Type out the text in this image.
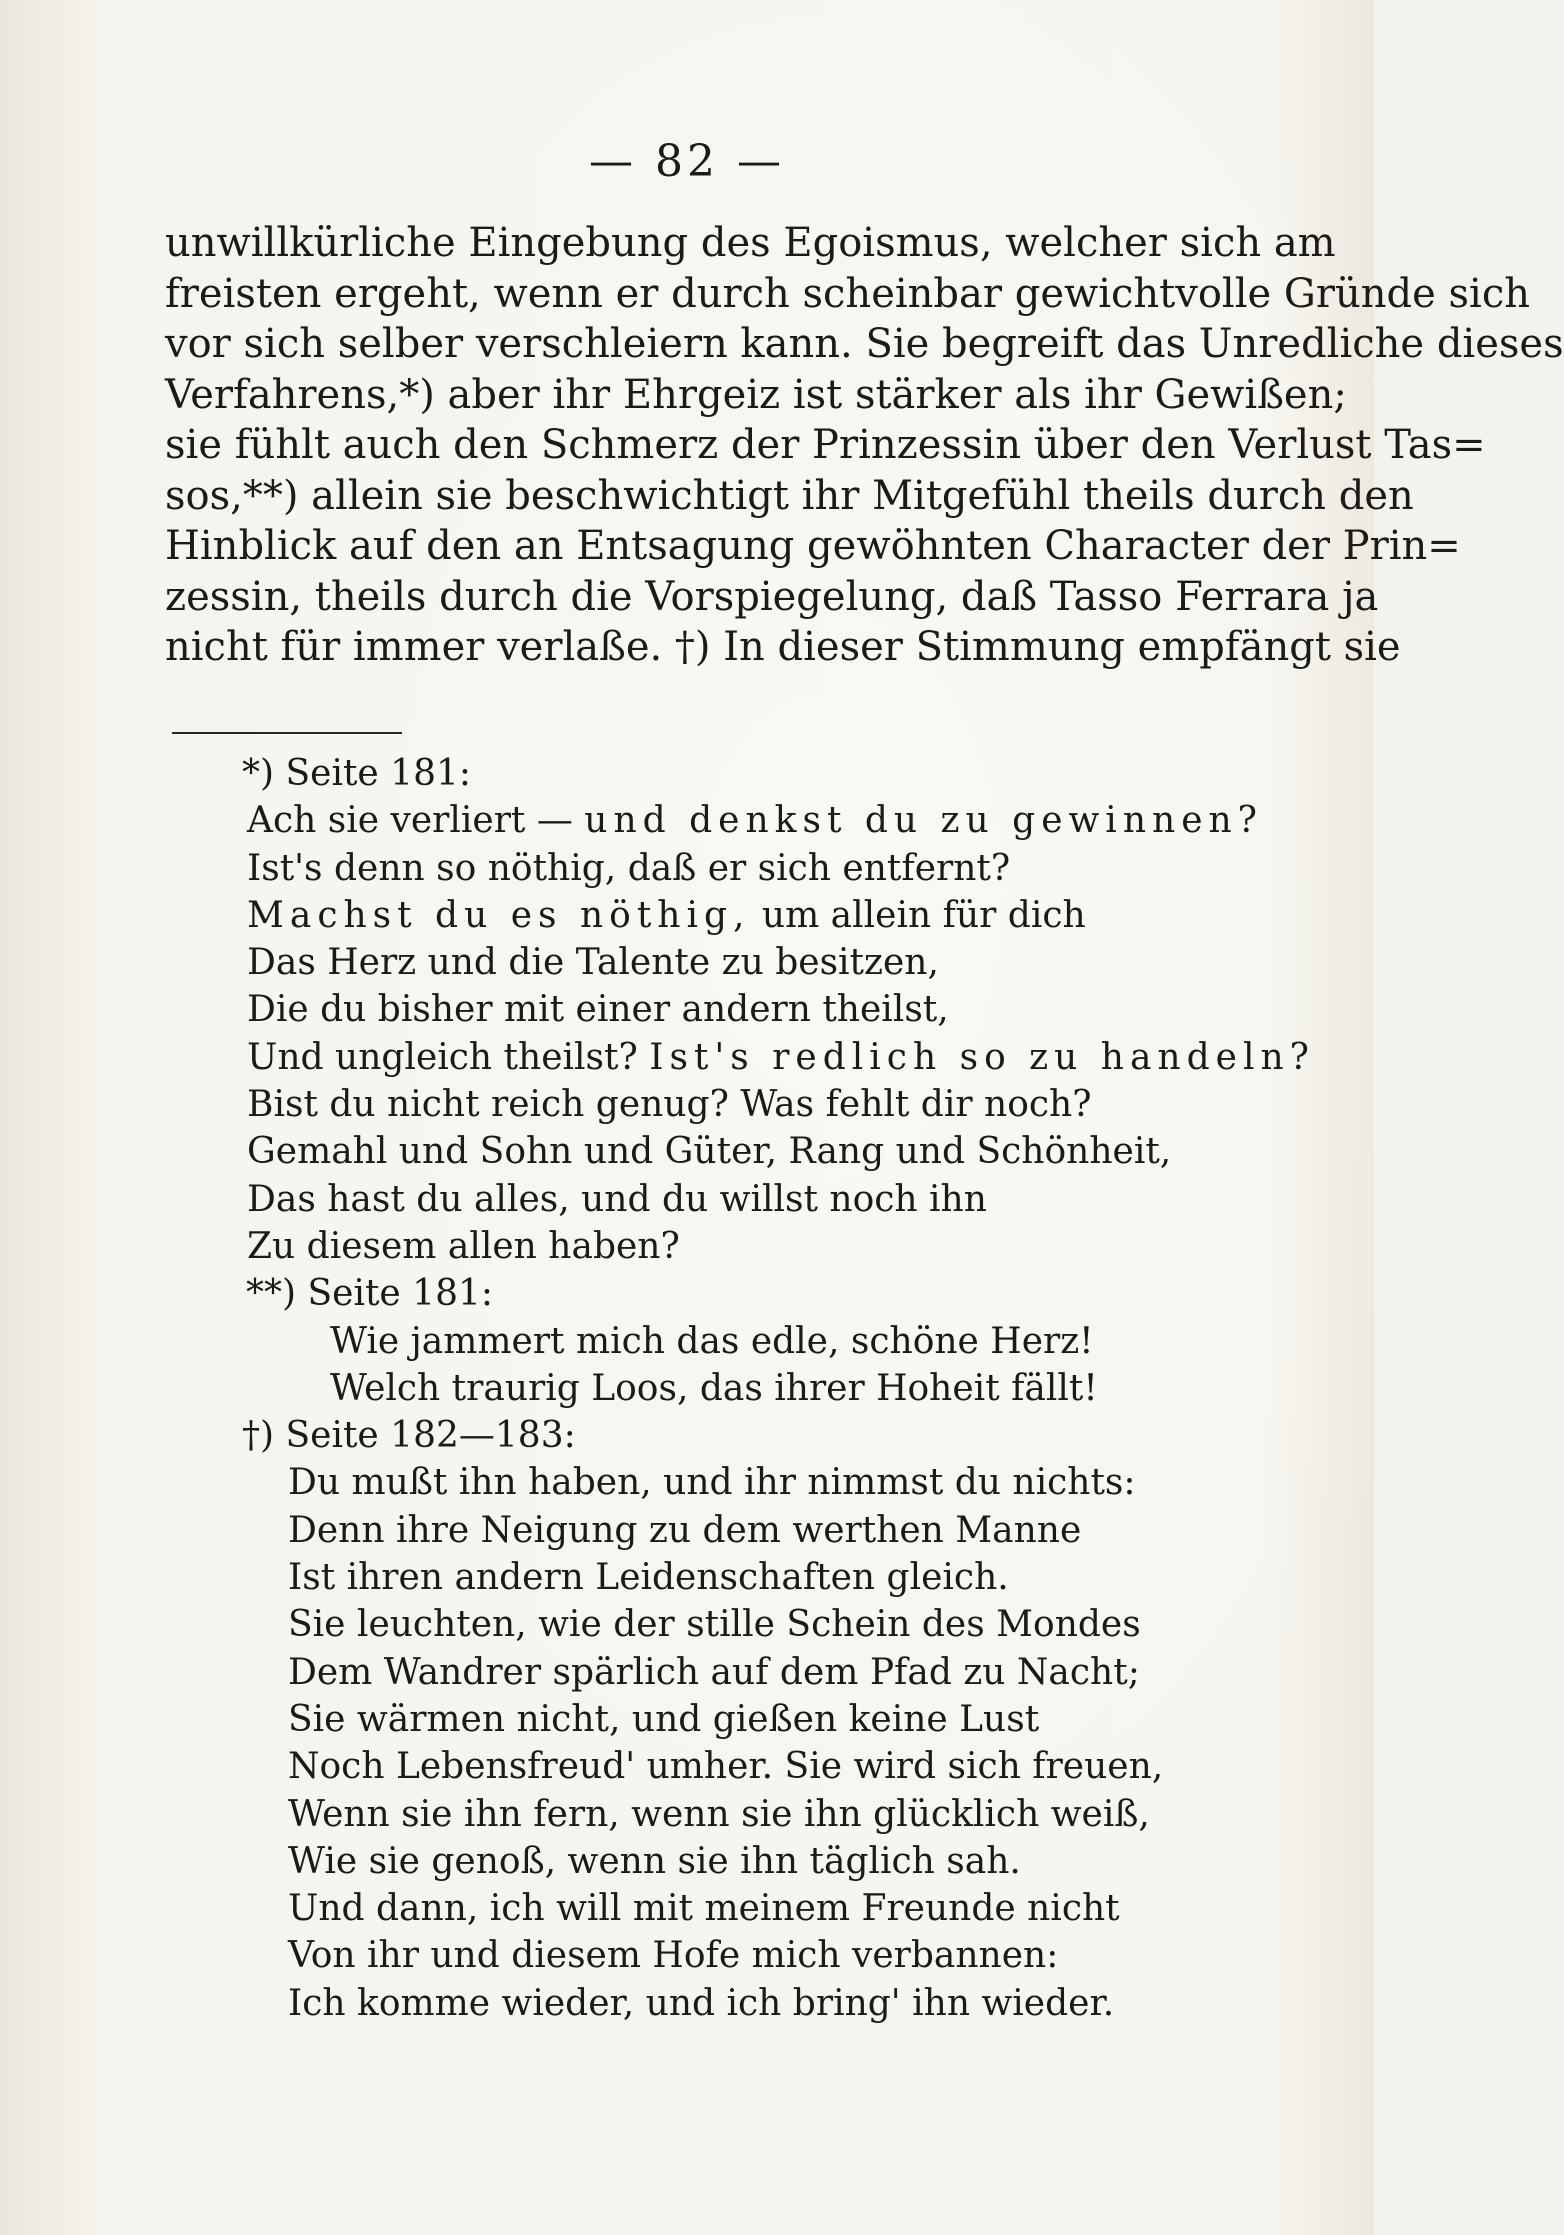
— 82 —
unwillkürliche Eingebung des Egoismus, welcher sich am
freisten ergeht, wenn er durch scheinbar gewichtvolle Gründe sich
vor sich selber verschleiern kann. Sie begreift das Unredliche dieses
Verfahrens,*) aber ihr Ehrgeiz ist stärker als ihr Gewißen;
sie fühlt auch den Schmerz der Prinzessin über den Verlust Tas=
sos,**) allein sie beschwichtigt ihr Mitgefühl theils durch den
Hinblick auf den an Entsagung gewöhnten Character der Prin=
zessin, theils durch die Vorspiegelung, daß Tasso Ferrara ja
nicht für immer verlaße. †) In dieser Stimmung empfängt sie
*) Seite 181:
Ach sie verliert — und denkst du zu gewinnen?
Ist's denn so nöthig, daß er sich entfernt?
Machst du es nöthig, um allein für dich
Das Herz und die Talente zu besitzen,
Die du bisher mit einer andern theilst,
Und ungleich theilst? Ist's redlich so zu handeln?
Bist du nicht reich genug? Was fehlt dir noch?
Gemahl und Sohn und Güter, Rang und Schönheit,
Das hast du alles, und du willst noch ihn
Zu diesem allen haben?
**) Seite 181:
Wie jammert mich das edle, schöne Herz!
Welch traurig Loos, das ihrer Hoheit fällt!
†) Seite 182—183:
Du mußt ihn haben, und ihr nimmst du nichts:
Denn ihre Neigung zu dem werthen Manne
Ist ihren andern Leidenschaften gleich.
Sie leuchten, wie der stille Schein des Mondes
Dem Wandrer spärlich auf dem Pfad zu Nacht;
Sie wärmen nicht, und gießen keine Lust
Noch Lebensfreud' umher. Sie wird sich freuen,
Wenn sie ihn fern, wenn sie ihn glücklich weiß,
Wie sie genoß, wenn sie ihn täglich sah.
Und dann, ich will mit meinem Freunde nicht
Von ihr und diesem Hofe mich verbannen:
Ich komme wieder, und ich bring' ihn wieder.
